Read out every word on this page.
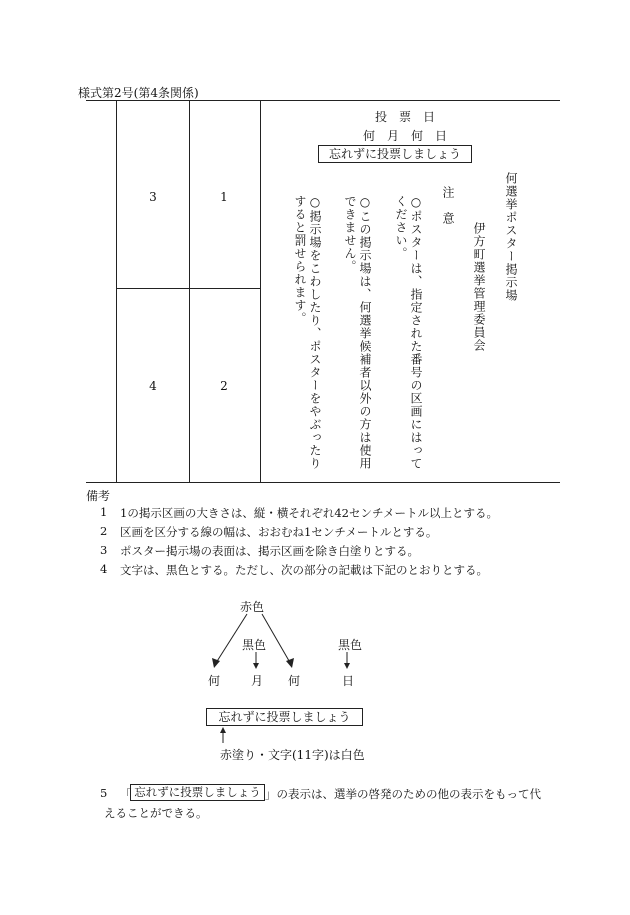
様式第2号(第4条関係)
3	1
4	2
投　票　日
何　月　何　日
忘れずに投票しましょう
何選挙ポスター掲示場
伊方町選挙管理委員会
注　意
○ポスターは、指定された番号の区画にはってください。
○この掲示場は、何選挙候補者以外の方は使用できません。
○掲示場をこわしたり、ポスターをやぶったりすると罰せられます。
備考
1 1の掲示区画の大きさは、縦・横それぞれ42センチメートル以上とする。
2 区画を区分する線の幅は、おおむね1センチメートルとする。
3 ポスター掲示場の表面は、掲示区画を除き白塗りとする。
4 文字は、黒色とする。ただし、次の部分の記載は下記のとおりとする。
赤色
黒色	黒色
何	月 何	日
忘れずに投票しましょう
赤塗り・文字(11字)は白色
5 「 忘れずに投票しましょう 」の表示は、選挙の啓発のための他の表示をもって代
えることができる。
